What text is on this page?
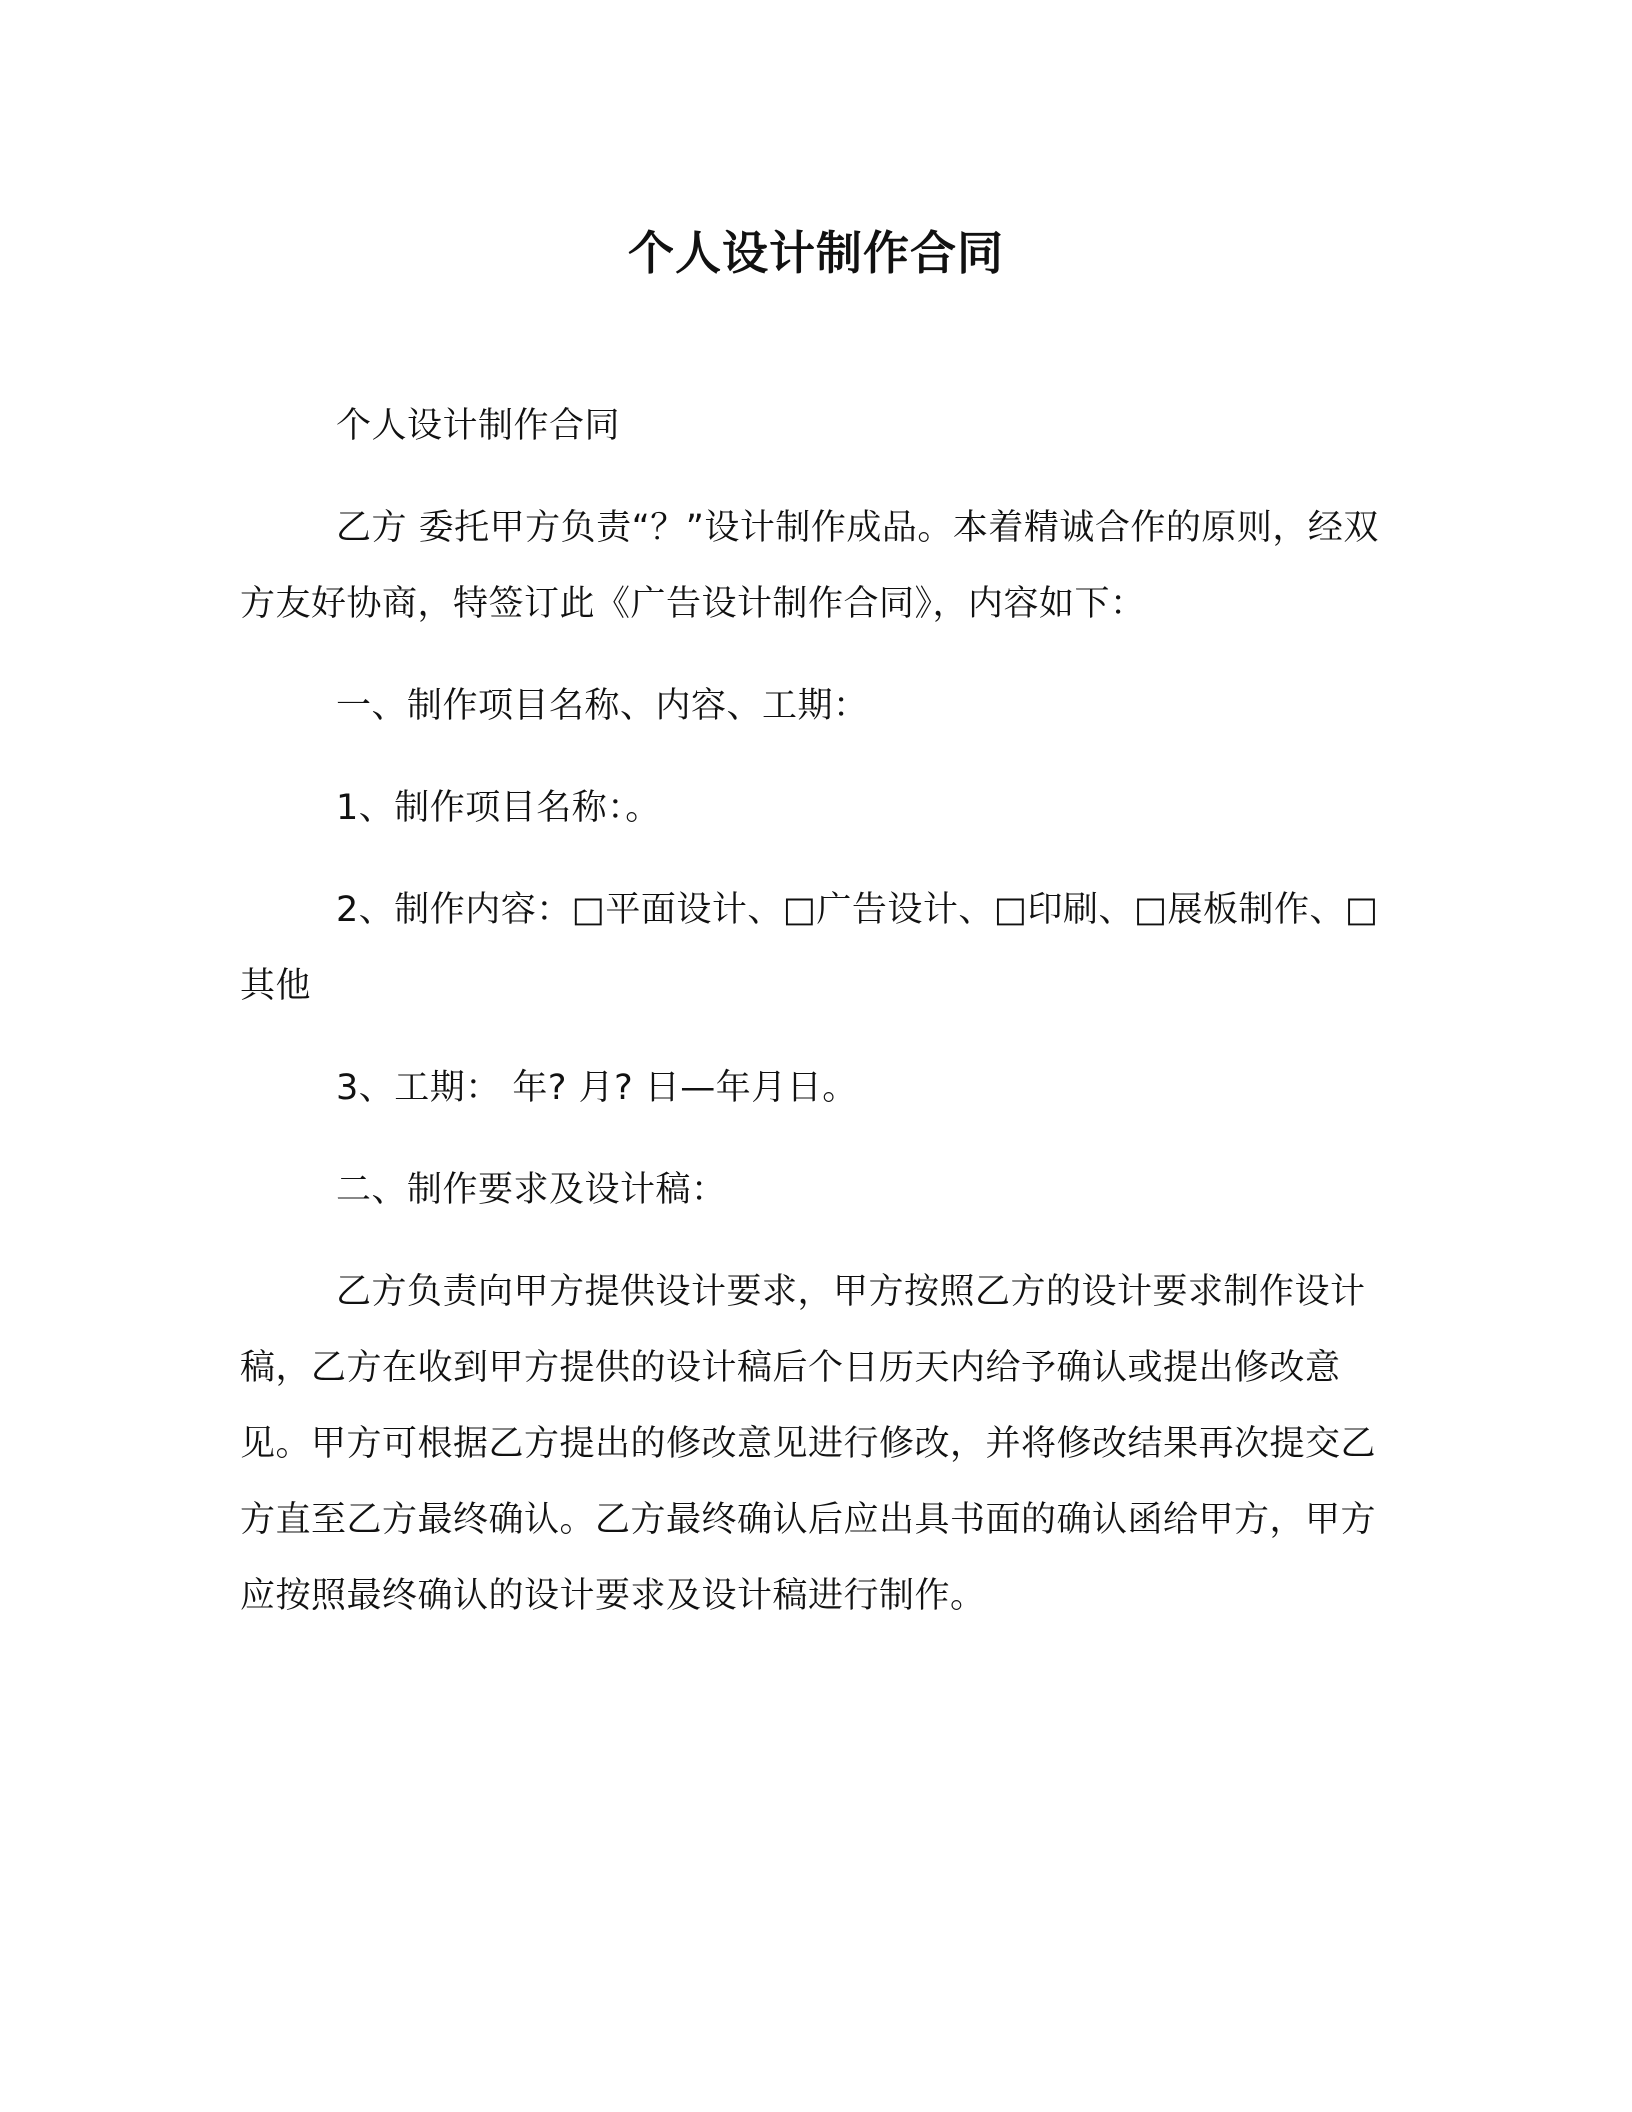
个人设计制作合同

个人设计制作合同

乙方 委托甲方负责“？”设计制作成品。本着精诚合作的原则，经双方友好协商，特签订此《广告设计制作合同》，内容如下：

一、制作项目名称、内容、工期：

1、制作项目名称：。

2、制作内容：□平面设计、□广告设计、□印刷、□展板制作、□其他

3、工期： 年? 月? 日—年月日。

二、制作要求及设计稿：

乙方负责向甲方提供设计要求，甲方按照乙方的设计要求制作设计稿，乙方在收到甲方提供的设计稿后个日历天内给予确认或提出修改意见。甲方可根据乙方提出的修改意见进行修改，并将修改结果再次提交乙方直至乙方最终确认。乙方最终确认后应出具书面的确认函给甲方，甲方应按照最终确认的设计要求及设计稿进行制作。
